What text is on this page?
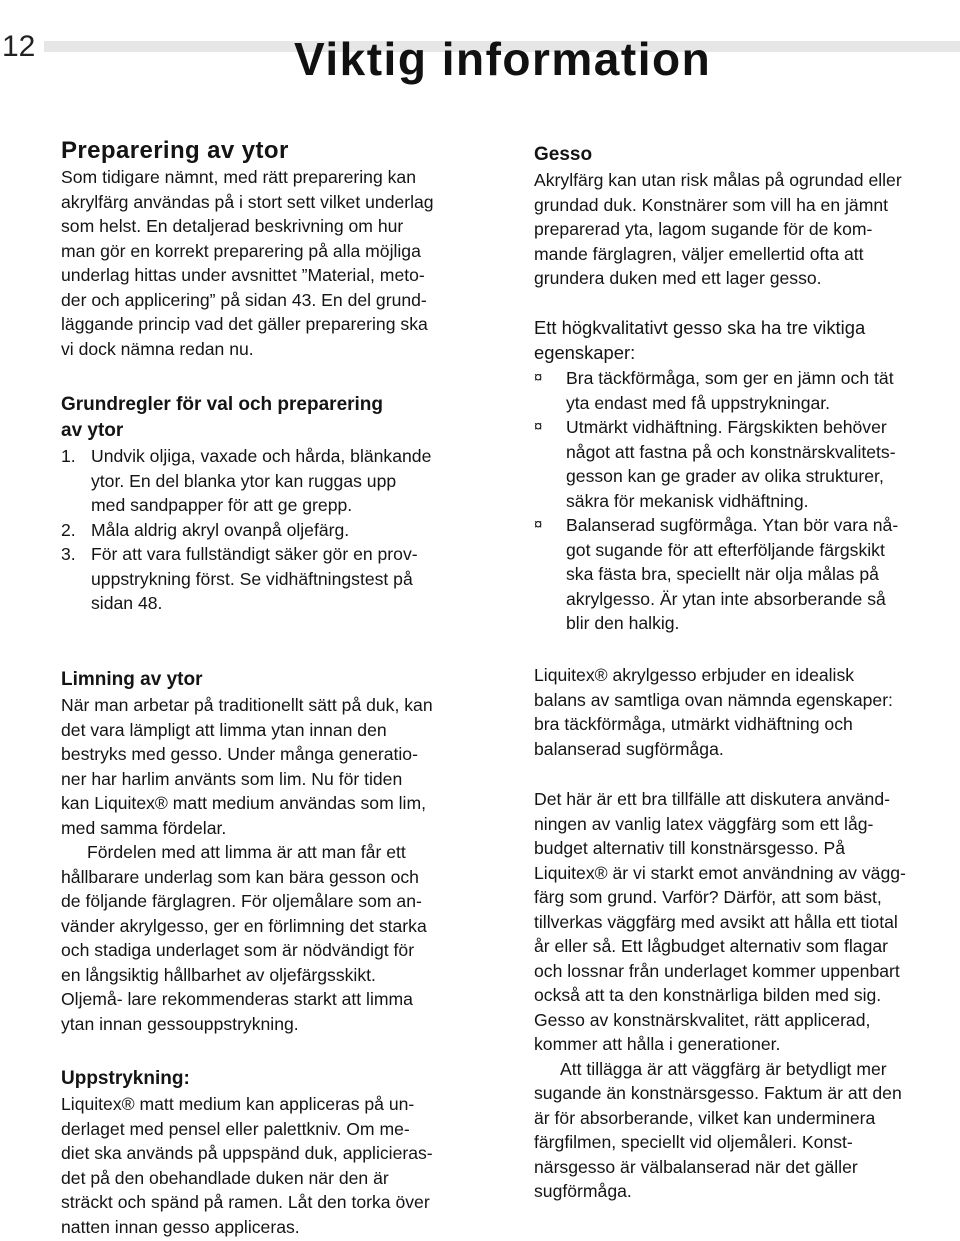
12	Viktig information
Preparering av ytor

Som tidigare nämnt, med rätt preparering kan

akrylfärg användas på i stort sett vilket underlag

som helst. En detaljerad beskrivning om hur

man gör en korrekt preparering på alla möjliga

underlag hittas under avsnittet ”Material, meto-

der och applicering” på sidan 43. En del grund-

läggande princip vad det gäller preparering ska

vi dock nämna redan nu.

Grundregler för val och preparering
av ytor
1. Undvik oljiga, vaxade och hårda, blänkande

ytor. En del blanka ytor kan ruggas upp

med sandpapper för att ge grepp.

2. Måla aldrig akryl ovanpå oljefärg.

3. För att vara fullständigt säker gör en prov-

uppstrykning först. Se vidhäftningstest på

sidan 48.

Limning av ytor

När man arbetar på traditionellt sätt på duk, kan

det vara lämpligt att limma ytan innan den

bestryks med gesso. Under många generatio-

ner har harlim använts som lim. Nu för tiden

kan Liquitex® matt medium användas som lim,

med samma fördelar.

Fördelen med att limma är att man får ett

hållbarare underlag som kan bära gesson och

de följande färglagren. För oljemålare som an-

vänder akrylgesso, ger en förlimning det starka

och stadiga underlaget som är nödvändigt för

en långsiktig hållbarhet av oljefärgsskikt.

Oljemå- lare rekommenderas starkt att limma

ytan innan gessouppstrykning.

Uppstrykning:

Liquitex® matt medium kan appliceras på un-

derlaget med pensel eller palettkniv. Om me-

diet ska används på uppspänd duk, applicieras-

det på den obehandlade duken när den är

sträckt och spänd på ramen. Låt den torka över

natten innan gesso appliceras.

Gesso

Akrylfärg kan utan risk målas på ogrundad eller

grundad duk. Konstnärer som vill ha en jämnt

preparerad yta, lagom sugande för de kom-

mande färglagren, väljer emellertid ofta att

grundera duken med ett lager gesso.

Ett högkvalitativt gesso ska ha tre viktiga

egenskaper:

¤ Bra täckförmåga, som ger en jämn och tät

yta endast med få uppstrykningar.

¤ Utmärkt vidhäftning. Färgskikten behöver

något att fastna på och konstnärskvalitets-

gesson kan ge grader av olika strukturer,

säkra för mekanisk vidhäftning.

¤ Balanserad sugförmåga. Ytan bör vara nå-

got sugande för att efterföljande färgskikt

ska fästa bra, speciellt när olja målas på

akrylgesso. Är ytan inte absorberande så

blir den halkig.

Liquitex® akrylgesso erbjuder en idealisk

balans av samtliga ovan nämnda egenskaper:

bra täckförmåga, utmärkt vidhäftning och

balanserad sugförmåga.

Det här är ett bra tillfälle att diskutera använd-

ningen av vanlig latex väggfärg som ett låg-

budget alternativ till konstnärsgesso. På

Liquitex® är vi starkt emot användning av vägg-

färg som grund. Varför? Därför, att som bäst,

tillverkas väggfärg med avsikt att hålla ett tiotal

år eller så. Ett lågbudget alternativ som flagar

och lossnar från underlaget kommer uppenbart

också att ta den konstnärliga bilden med sig.

Gesso av konstnärskvalitet, rätt applicerad,

kommer att hålla i generationer.

Att tillägga är att väggfärg är betydligt mer

sugande än konstnärsgesso. Faktum är att den

är för absorberande, vilket kan underminera

färgfilmen, speciellt vid oljemåleri. Konst-

närsgesso är välbalanserad när det gäller

sugförmåga.
